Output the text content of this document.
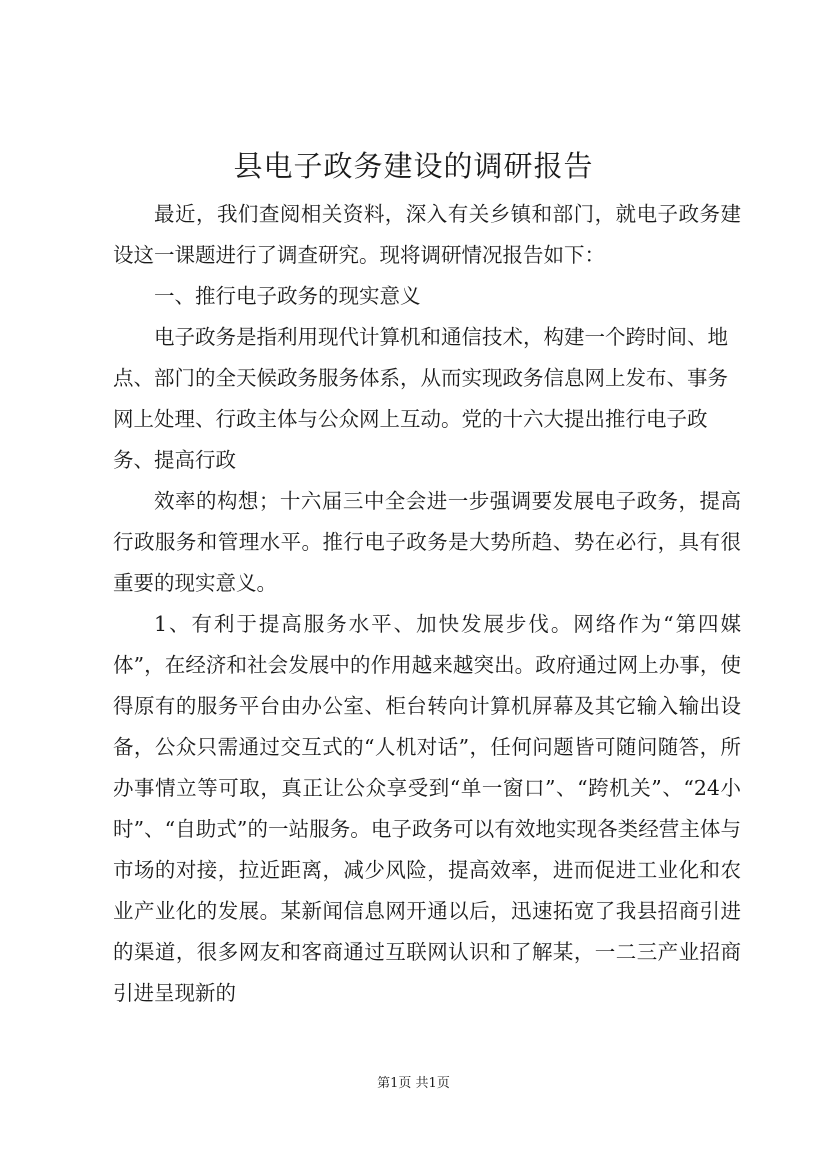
县电子政务建设的调研报告

最近，我们查阅相关资料，深入有关乡镇和部门，就电子政务建设这一课题进行了调查研究。现将调研情况报告如下：

一、推行电子政务的现实意义

电子政务是指利用现代计算机和通信技术，构建一个跨时间、地点、部门的全天候政务服务体系，从而实现政务信息网上发布、事务网上处理、行政主体与公众网上互动。党的十六大提出推行电子政务、提高行政

效率的构想；十六届三中全会进一步强调要发展电子政务，提高行政服务和管理水平。推行电子政务是大势所趋、势在必行，具有很重要的现实意义。

1、有利于提高服务水平、加快发展步伐。网络作为“第四媒体”，在经济和社会发展中的作用越来越突出。政府通过网上办事，使得原有的服务平台由办公室、柜台转向计算机屏幕及其它输入输出设备，公众只需通过交互式的“人机对话”，任何问题皆可随问随答，所办事情立等可取，真正让公众享受到“单一窗口”、“跨机关”、“24小时”、“自助式”的一站服务。电子政务可以有效地实现各类经营主体与市场的对接，拉近距离，减少风险，提高效率，进而促进工业化和农业产业化的发展。某新闻信息网开通以后，迅速拓宽了我县招商引进的渠道，很多网友和客商通过互联网认识和了解某，一二三产业招商引进呈现新的

第1页 共1页
